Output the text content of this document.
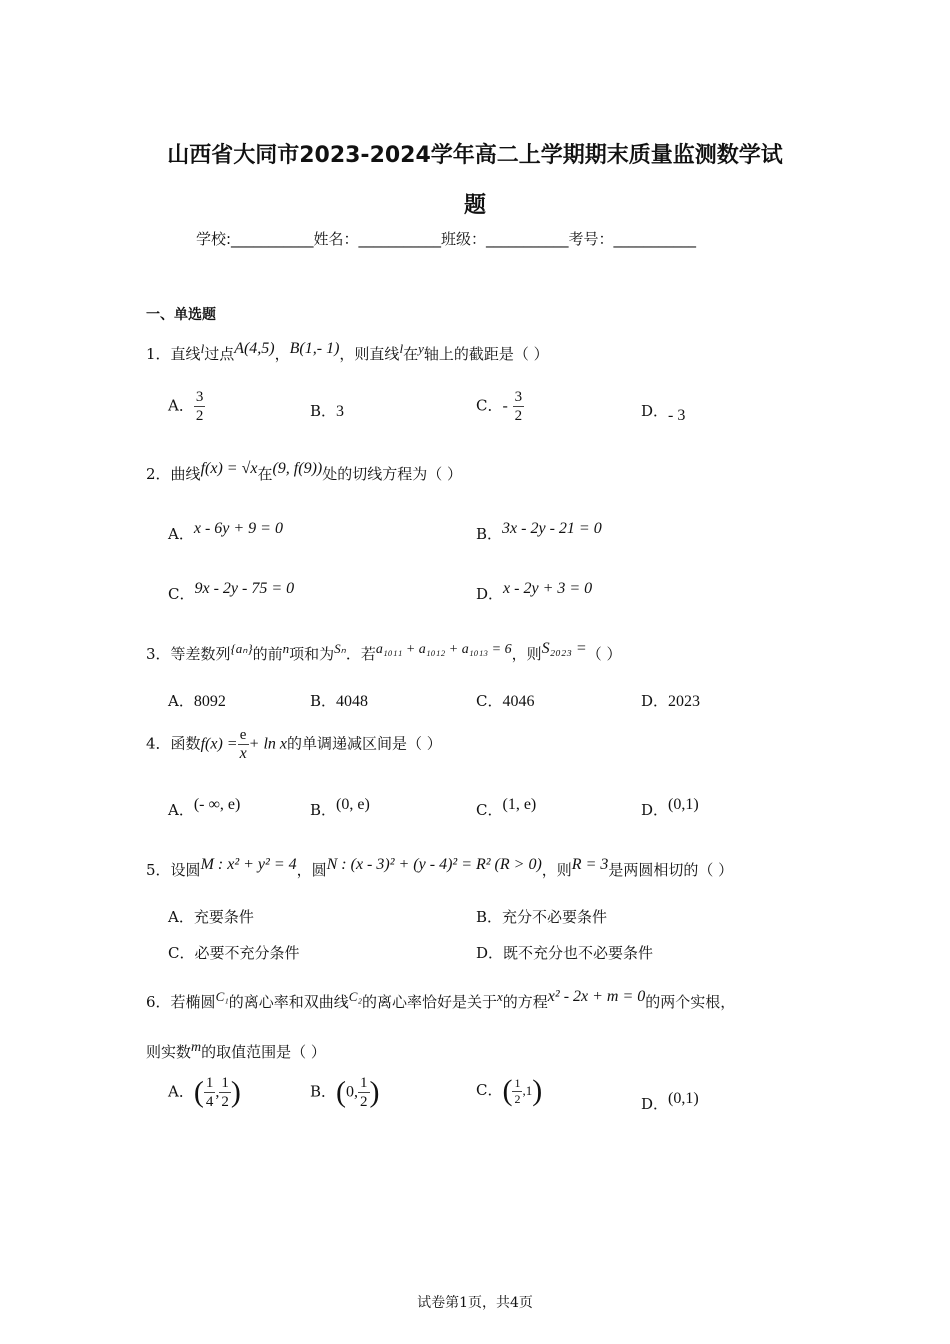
山西省大同市2023-2024学年高二上学期期末质量监测数学试
题
学校:___________姓名：___________班级：___________考号：___________
一、单选题
1．直线l过点A(4,5)，B(1,- 1)，则直线l在y轴上的截距是（ ）
A． $\frac{3}{2}$	B．3	C．- $\frac{3}{2}$	D．- 3
2．曲线f(x) = √x在(9, f(9))处的切线方程为（ ）
A．x - 6y + 9 = 0	B．3x - 2y - 21 = 0
C．9x - 2y - 75 = 0	D．x - 2y + 3 = 0
3．等差数列{aₙ}的前n项和为Sₙ．若a₁₀₁₁ + a₁₀₁₂ + a₁₀₁₃ = 6，则S₂₀₂₃ =（ ）
A．8092	B．4048	C．4046	D．2023
4．函数$f(x) = \frac{e}{x} + \ln x$的单调递减区间是（ ）
A．(- ∞, e)	B．(0, e)	C．(1, e)	D．(0,1)
5．设圆M : x² + y² = 4，圆N : (x - 3)² + (y - 4)² = R² (R > 0)，则R = 3是两圆相切的（ ）
A．充要条件	B．充分不必要条件
C．必要不充分条件	D．既不充分也不必要条件
6．若椭圆C₁的离心率和双曲线C₂的离心率恰好是关于x的方程x² - 2x + m = 0的两个实根，
则实数m的取值范围是（ ）
A．( $\frac{1}{4}$ , $\frac{1}{2}$ )	B．(0, $\frac{1}{2}$ )	C．( $\frac{1}{2} ,1$)	D．(0,1)
试卷第1页，共4页
